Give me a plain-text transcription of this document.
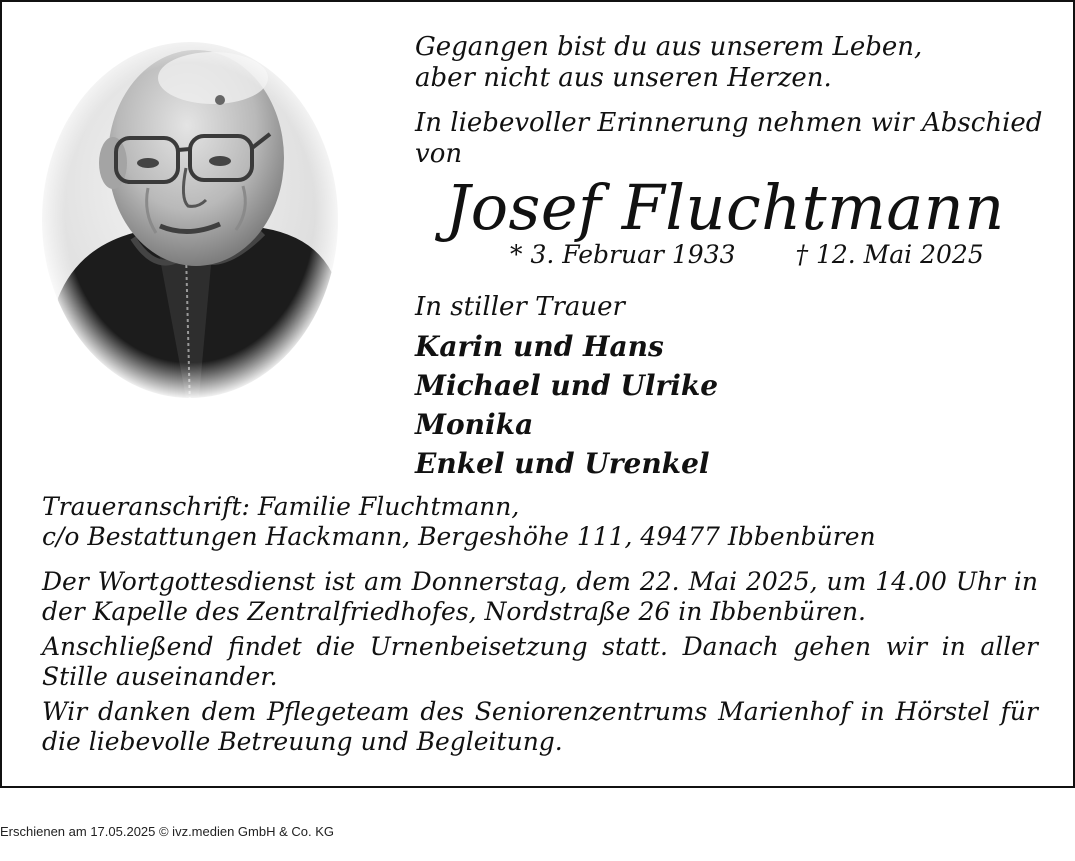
Gegangen bist du aus unserem Leben,

aber nicht aus unseren Herzen.

In liebevoller Erinnerung nehmen wir Abschied von

Josef Fluchtmann
* 3. Februar 1933 † 12. Mai 2025

In stiller Trauer

Karin und Hans

Michael und Ulrike

Monika

Enkel und Urenkel

Traueranschrift: Familie Fluchtmann,

c/o Bestattungen Hackmann, Bergeshöhe 111, 49477 Ibbenbüren

Der Wortgottesdienst ist am Donnerstag, dem 22. Mai 2025, um 14.00 Uhr in der Kapelle des Zentralfriedhofes, Nordstraße 26 in Ibbenbüren.

Anschließend findet die Urnenbeisetzung statt. Danach gehen wir in aller Stille auseinander.

Wir danken dem Pflegeteam des Seniorenzentrums Marienhof in Hörstel für die liebevolle Betreuung und Begleitung.

Erschienen am 17.05.2025 © ivz.medien GmbH & Co. KG
